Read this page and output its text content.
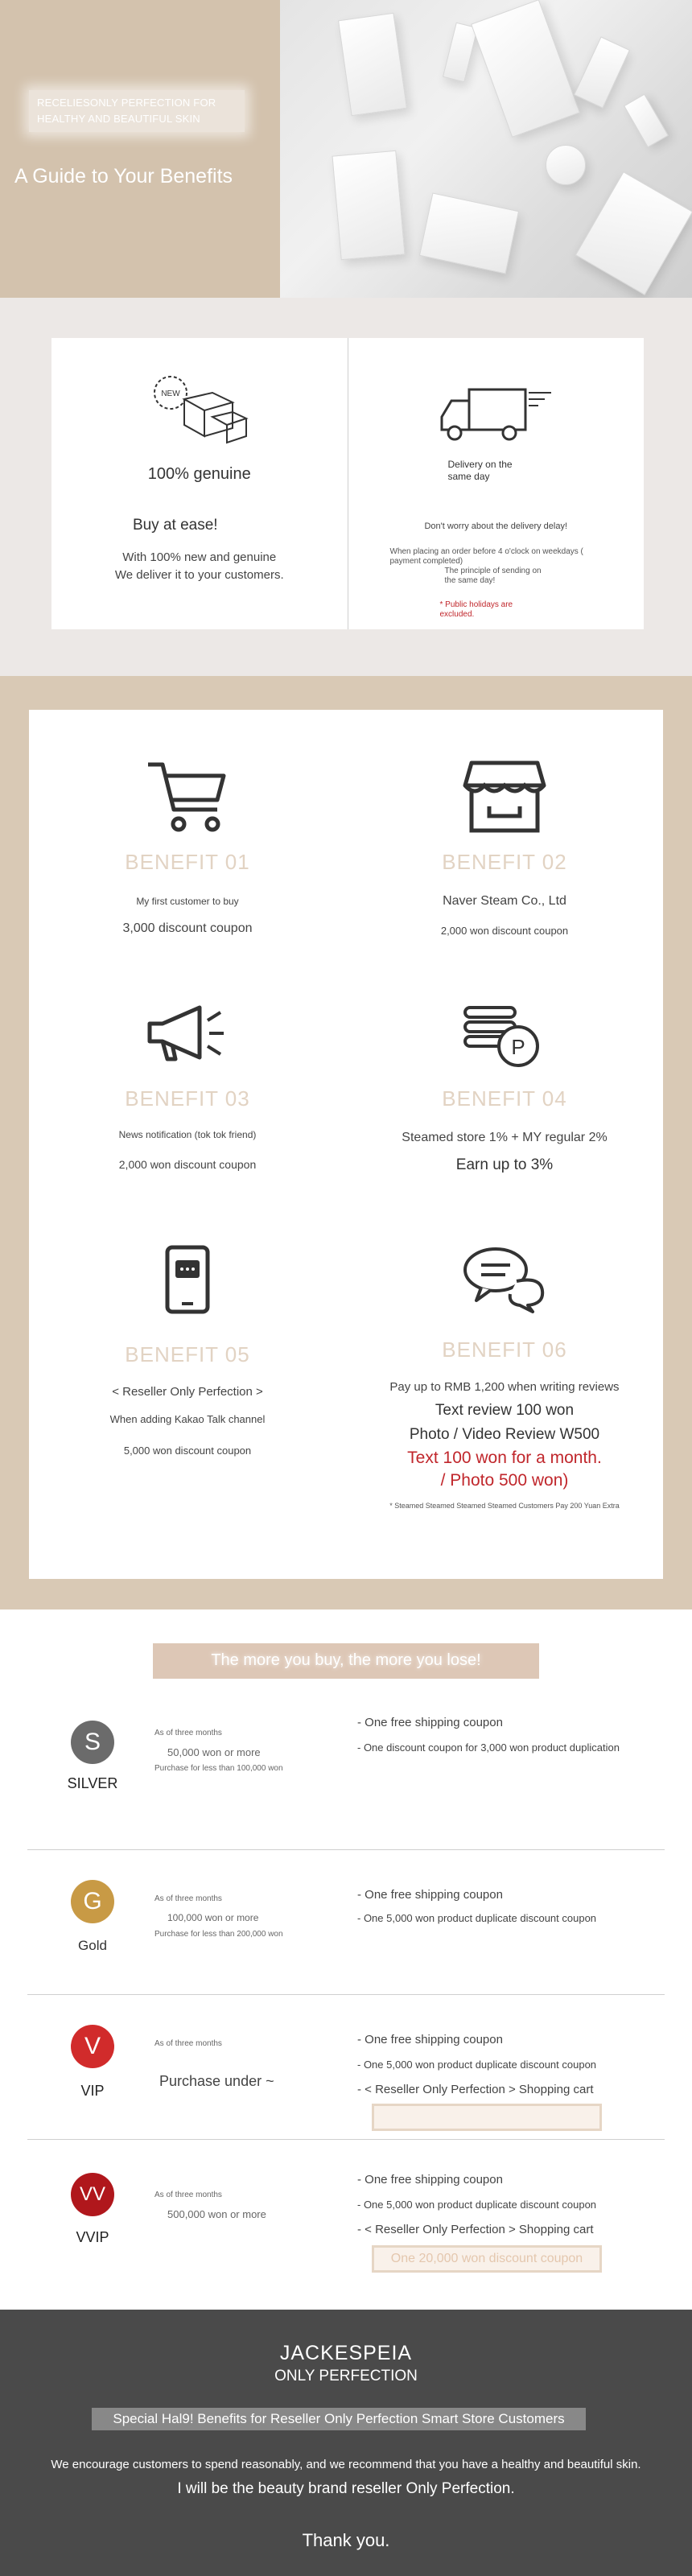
RECELIESONLY PERFECTION FOR
HEALTHY AND BEAUTIFUL SKIN
A Guide to Your Benefits
NEW
100% genuine
Buy at ease!
With 100% new and genuine
We deliver it to your customers.
Delivery on the
same day
Don't worry about the delivery delay!
When placing an order before 4 o'clock on weekdays (
payment completed)
The principle of sending on
the same day!
* Public holidays are
excluded.
BENEFIT 01
My first customer to buy
3,000 discount coupon
BENEFIT 02
Naver Steam Co., Ltd
2,000 won discount coupon
BENEFIT 03
News notification (tok tok friend)
2,000 won discount coupon
P
BENEFIT 04
Steamed store 1% + MY regular 2%
Earn up to 3%
BENEFIT 05
< Reseller Only Perfection >
When adding Kakao Talk channel
5,000 won discount coupon
BENEFIT 06
Pay up to RMB 1,200 when writing reviews
Text review 100 won
Photo / Video Review W500
Text 100 won for a month.
/ Photo 500 won)
* Steamed Steamed Steamed Steamed Customers Pay 200 Yuan Extra
The more you buy, the more you lose!
S
SILVER
As of three months
50,000 won or more
Purchase for less than 100,000 won
- One free shipping coupon
- One discount coupon for 3,000 won product duplication
G
Gold
As of three months
100,000 won or more
Purchase for less than 200,000 won
- One free shipping coupon
- One 5,000 won product duplicate discount coupon
V
VIP
As of three months
Purchase under ~
- One free shipping coupon
- One 5,000 won product duplicate discount coupon
- < Reseller Only Perfection > Shopping cart
VV
VVIP
As of three months
500,000 won or more
- One free shipping coupon
- One 5,000 won product duplicate discount coupon
- < Reseller Only Perfection > Shopping cart
One 20,000 won discount coupon
JACKESPEIA
ONLY PERFECTION
Special Hal9! Benefits for Reseller Only Perfection Smart Store Customers
We encourage customers to spend reasonably, and we recommend that you have a healthy and beautiful skin.
I will be the beauty brand reseller Only Perfection.
Thank you.
